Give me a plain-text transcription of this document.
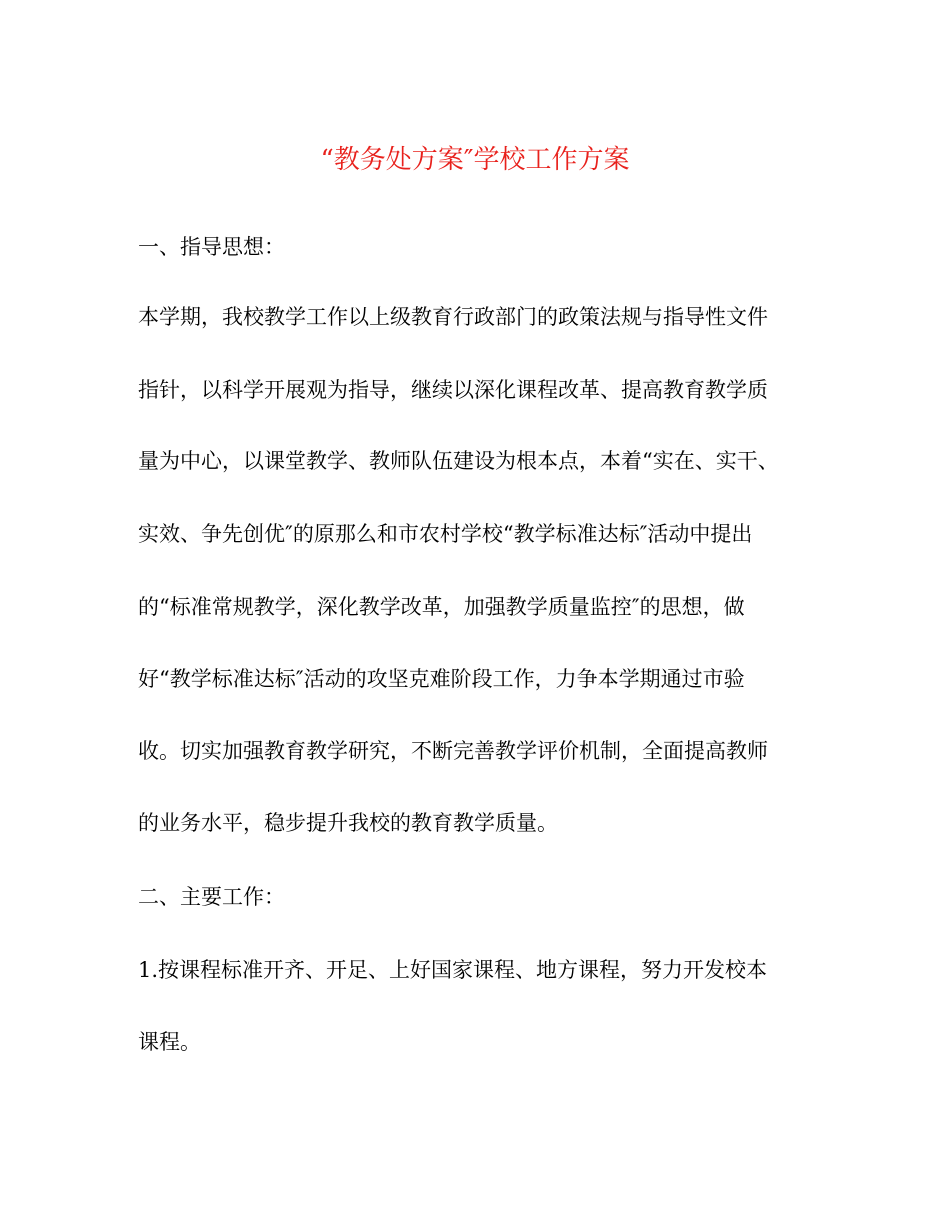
“教务处方案″学校工作方案
一、指导思想：
本学期，我校教学工作以上级教育行政部门的政策法规与指导性文件
指针，以科学开展观为指导，继续以深化课程改革、提高教育教学质
量为中心，以课堂教学、教师队伍建设为根本点，本着“实在、实干、
实效、争先创优″的原那么和市农村学校“教学标准达标″活动中提出
的“标准常规教学，深化教学改革，加强教学质量监控″的思想，做
好“教学标准达标″活动的攻坚克难阶段工作，力争本学期通过市验
收。切实加强教育教学研究，不断完善教学评价机制，全面提高教师
的业务水平，稳步提升我校的教育教学质量。
二、主要工作：
1.按课程标准开齐、开足、上好国家课程、地方课程，努力开发校本
课程。
